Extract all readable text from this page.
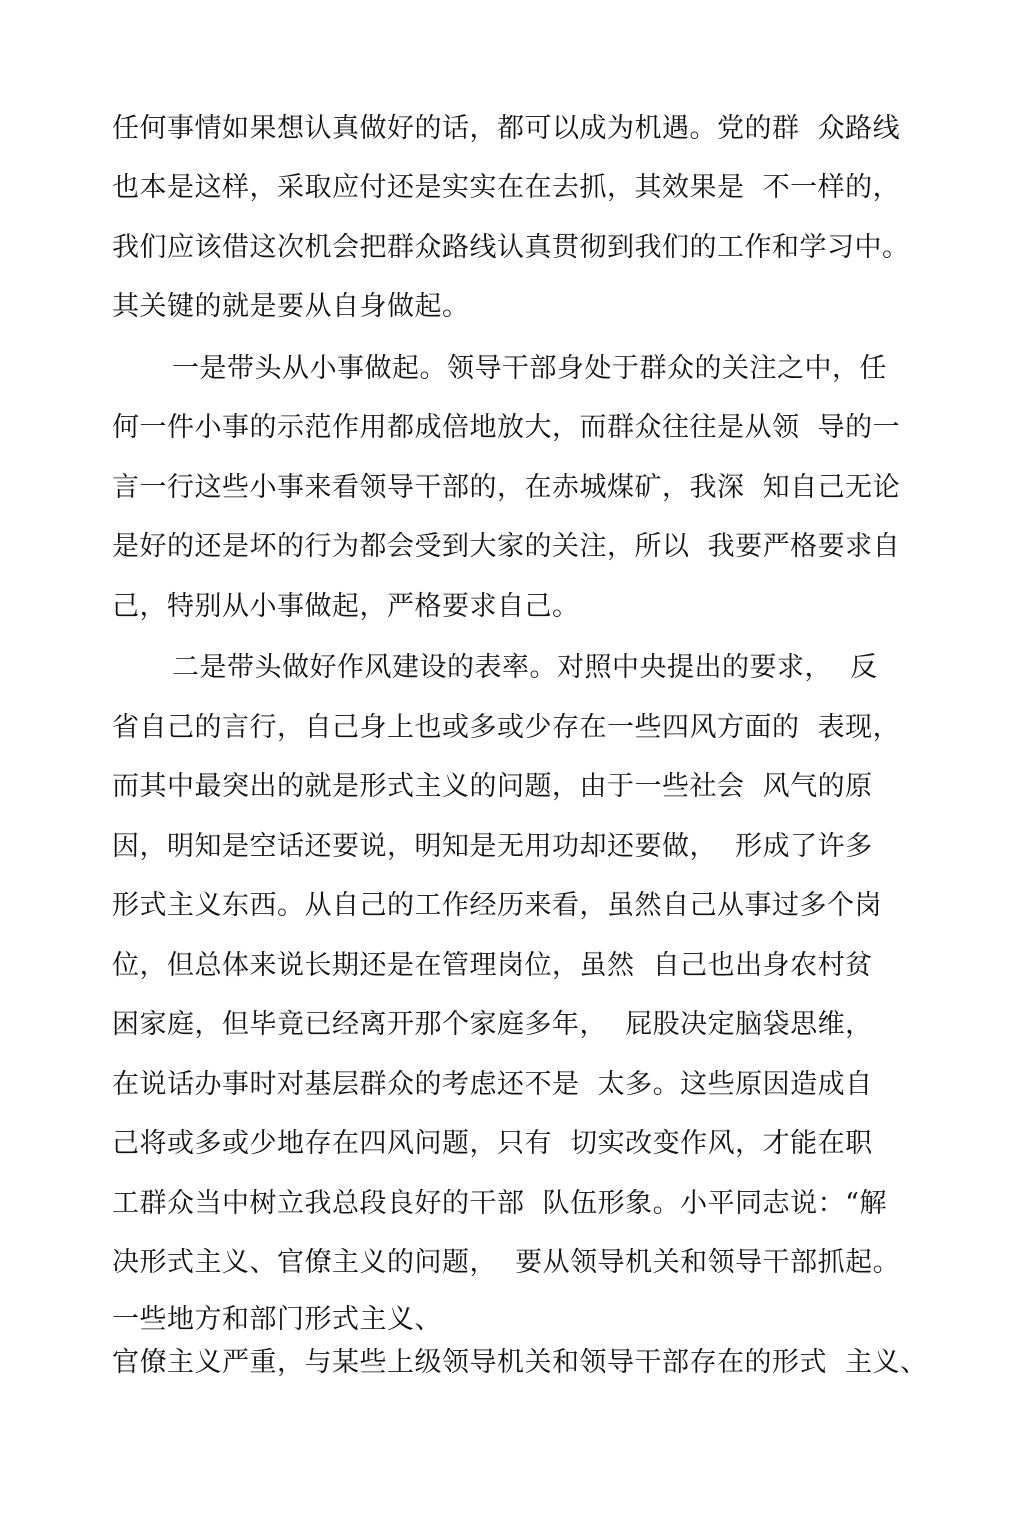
任何事情如果想认真做好的话，都可以成为机遇。党的群  众路线
也本是这样，采取应付还是实实在在去抓，其效果是  不一样的，
我们应该借这次机会把群众路线认真贯彻到我们的工作和学习中。
其关键的就是要从自身做起。
一是带头从小事做起。领导干部身处于群众的关注之中，任
何一件小事的示范作用都成倍地放大，而群众往往是从领  导的一
言一行这些小事来看领导干部的，在赤城煤矿，我深  知自己无论
是好的还是坏的行为都会受到大家的关注，所以  我要严格要求自
己，特别从小事做起，严格要求自己。
二是带头做好作风建设的表率。对照中央提出的要求，  反
省自己的言行，自己身上也或多或少存在一些四风方面的  表现，
而其中最突出的就是形式主义的问题，由于一些社会  风气的原
因，明知是空话还要说，明知是无用功却还要做，  形成了许多
形式主义东西。从自己的工作经历来看，虽然自己从事过多个岗
位，但总体来说长期还是在管理岗位，虽然  自己也出身农村贫
困家庭，但毕竟已经离开那个家庭多年，  屁股决定脑袋思维，
在说话办事时对基层群众的考虑还不是  太多。这些原因造成自
己将或多或少地存在四风问题，只有  切实改变作风，才能在职
工群众当中树立我总段良好的干部  队伍形象。小平同志说：“解
决形式主义、官僚主义的问题，  要从领导机关和领导干部抓起。
一些地方和部门形式主义、
官僚主义严重，与某些上级领导机关和领导干部存在的形式  主义、
